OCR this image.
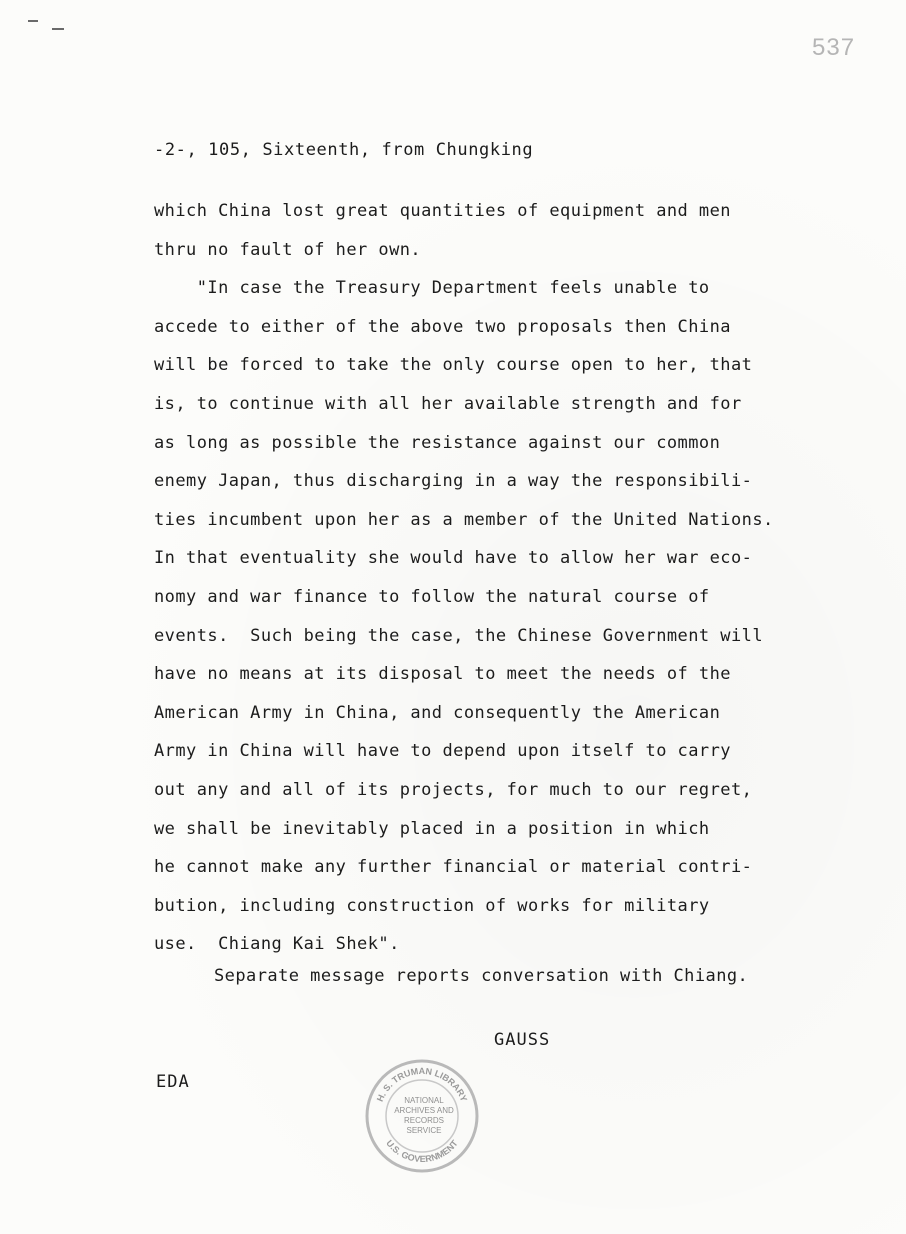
537
-2-, 105, Sixteenth, from Chungking
which China lost great quantities of equipment and men
thru no fault of her own.
"In case the Treasury Department feels unable to
accede to either of the above two proposals then China
will be forced to take the only course open to her, that
is, to continue with all her available strength and for
as long as possible the resistance against our common
enemy Japan, thus discharging in a way the responsibili-
ties incumbent upon her as a member of the United Nations.
In that eventuality she would have to allow her war eco-
nomy and war finance to follow the natural course of
events.  Such being the case, the Chinese Government will
have no means at its disposal to meet the needs of the
American Army in China, and consequently the American
Army in China will have to depend upon itself to carry
out any and all of its projects, for much to our regret,
we shall be inevitably placed in a position in which
he cannot make any further financial or material contri-
bution, including construction of works for military
use.  Chiang Kai Shek".
Separate message reports conversation with Chiang.
GAUSS
EDA
H. S. TRUMAN LIBRARY
U.S. GOVERNMENT
NATIONAL
ARCHIVES AND
RECORDS
SERVICE
